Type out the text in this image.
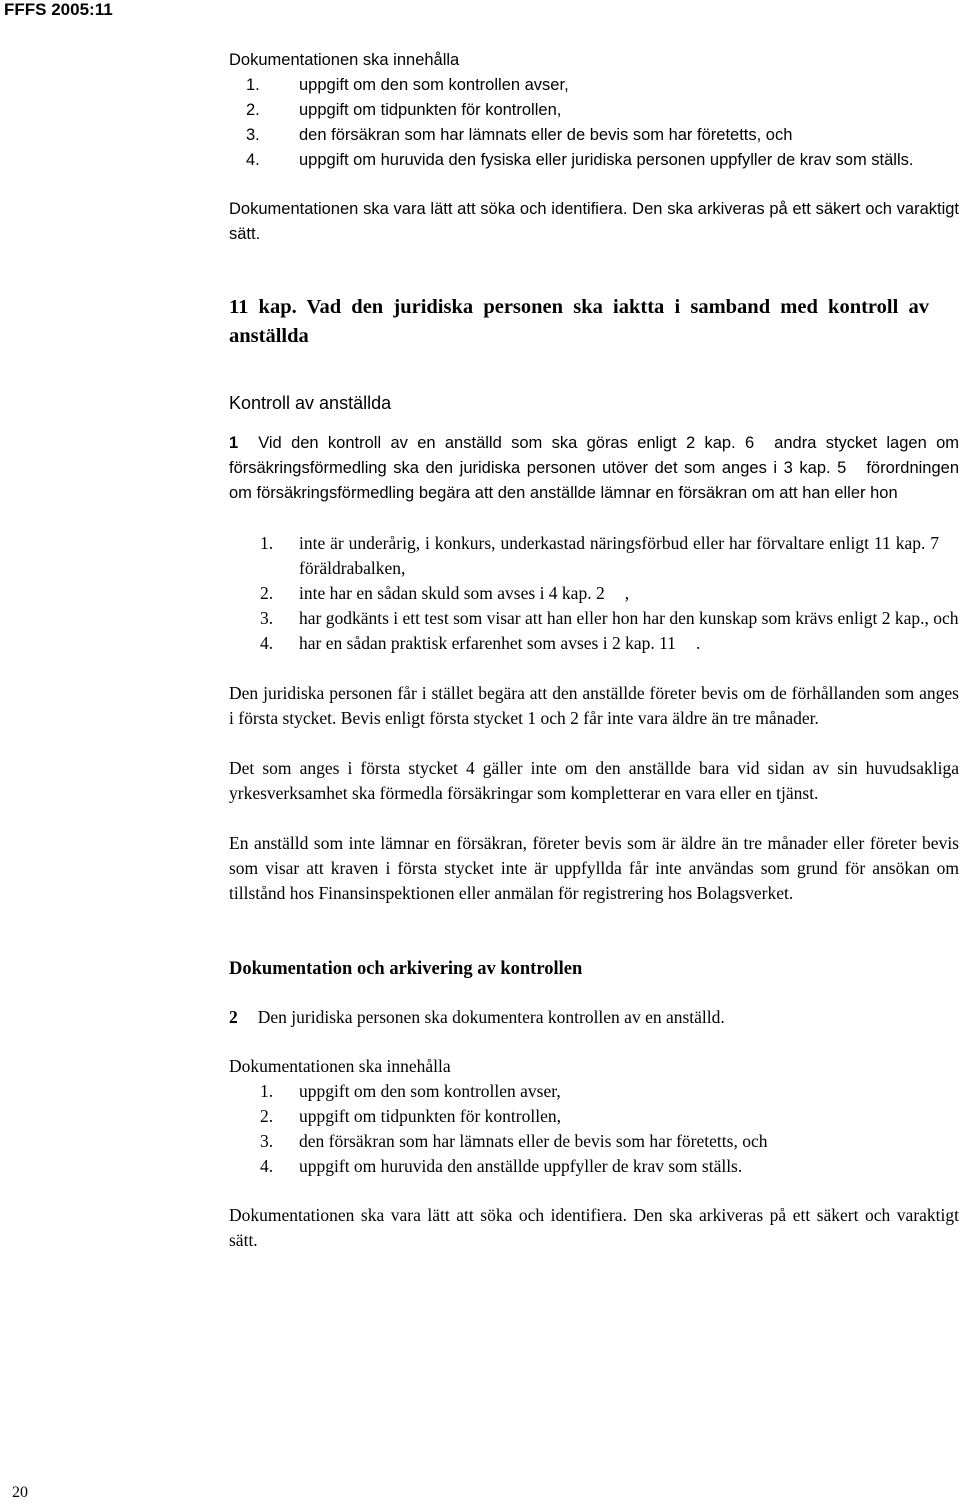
FFFS 2005:11
Dokumentationen ska innehålla
1.	uppgift om den som kontrollen avser,
2.	uppgift om tidpunkten för kontrollen,
3.	den försäkran som har lämnats eller de bevis som har företetts, och
4.	uppgift om huruvida den fysiska eller juridiska personen uppfyller de krav som ställs.
Dokumentationen ska vara lätt att söka och identifiera. Den ska arkiveras på ett säkert och varaktigt sätt.
11 kap. Vad den juridiska personen ska iaktta i samband med kontroll av anställda
Kontroll av anställda
1 Vid den kontroll av en anställd som ska göras enligt 2 kap. 6 andra stycket lagen om försäkringsförmedling ska den juridiska personen utöver det som anges i 3 kap. 5 förordningen om försäkringsförmedling begära att den anställde lämnar en försäkran om att han eller hon
1.	inte är underårig, i konkurs, underkastad näringsförbud eller har förvaltare enligt 11 kap. 7föräldrabalken,
2.	inte har en sådan skuld som avses i 4 kap. 2 ,
3.	har godkänts i ett test som visar att han eller hon har den kunskap som krävs enligt 2 kap., och
4.	har en sådan praktisk erfarenhet som avses i 2 kap. 11 .
Den juridiska personen får i stället begära att den anställde företer bevis om de förhållanden som anges i första stycket. Bevis enligt första stycket 1 och 2 får inte vara äldre än tre månader.
Det som anges i första stycket 4 gäller inte om den anställde bara vid sidan av sin huvudsakliga yrkesverksamhet ska förmedla försäkringar som kompletterar en vara eller en tjänst.
En anställd som inte lämnar en försäkran, företer bevis som är äldre än tre månader eller företer bevis som visar att kraven i första stycket inte är uppfyllda får inte användas som grund för ansökan om tillstånd hos Finansinspektionen eller anmälan för registrering hos Bolagsverket.
Dokumentation och arkivering av kontrollen
2 Den juridiska personen ska dokumentera kontrollen av en anställd.
Dokumentationen ska innehålla
1.	uppgift om den som kontrollen avser,
2.	uppgift om tidpunkten för kontrollen,
3.	den försäkran som har lämnats eller de bevis som har företetts, och
4.	uppgift om huruvida den anställde uppfyller de krav som ställs.
Dokumentationen ska vara lätt att söka och identifiera. Den ska arkiveras på ett säkert och varaktigt sätt.
20
